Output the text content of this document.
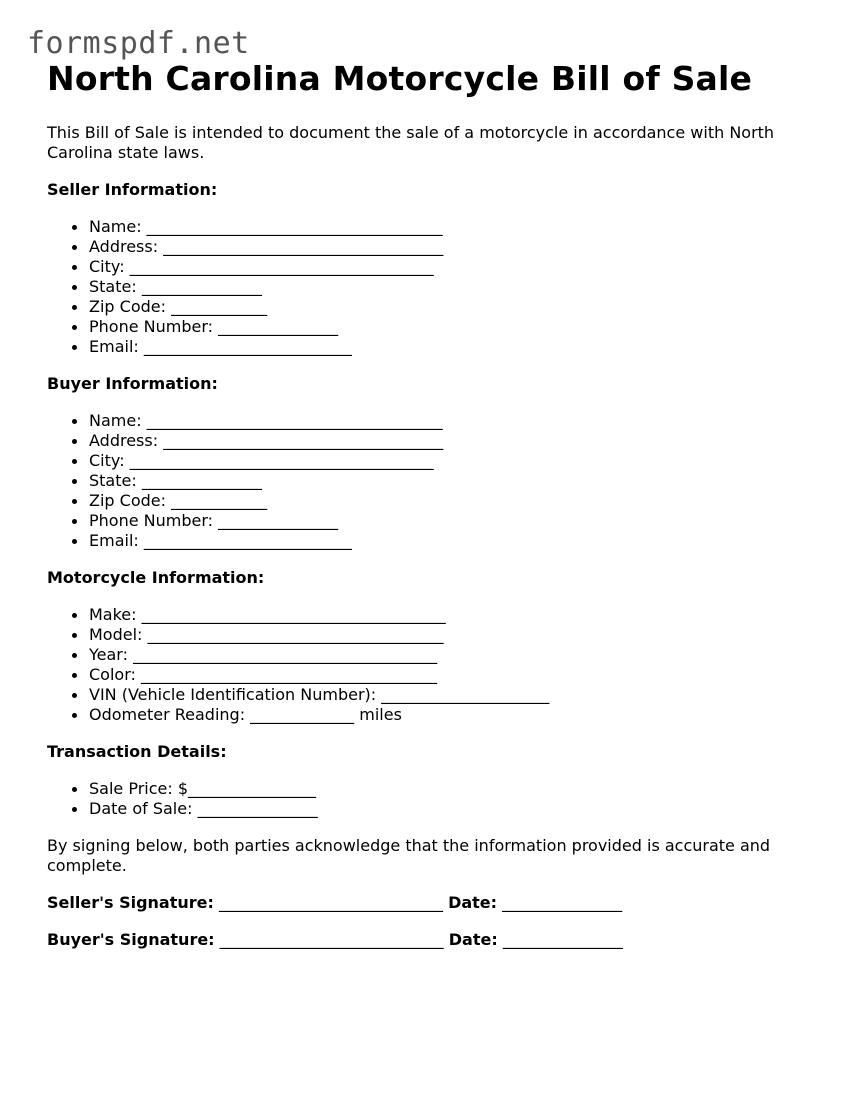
formspdf.net
North Carolina Motorcycle Bill of Sale

This Bill of Sale is intended to document the sale of a motorcycle in accordance with North Carolina state laws.

Seller Information:

Name: _____________________________________
Address: ___________________________________
City: ______________________________________
State: _______________
Zip Code: ____________
Phone Number: _______________
Email: __________________________

Buyer Information:

Name: _____________________________________
Address: ___________________________________
City: ______________________________________
State: _______________
Zip Code: ____________
Phone Number: _______________
Email: __________________________

Motorcycle Information:

Make: ______________________________________
Model: _____________________________________
Year: ______________________________________
Color: _____________________________________
VIN (Vehicle Identification Number): _____________________
Odometer Reading: _____________ miles

Transaction Details:

Sale Price: $________________
Date of Sale: _______________

By signing below, both parties acknowledge that the information provided is accurate and complete.

Seller's Signature: ____________________________ Date: _______________

Buyer's Signature: ____________________________ Date: _______________
